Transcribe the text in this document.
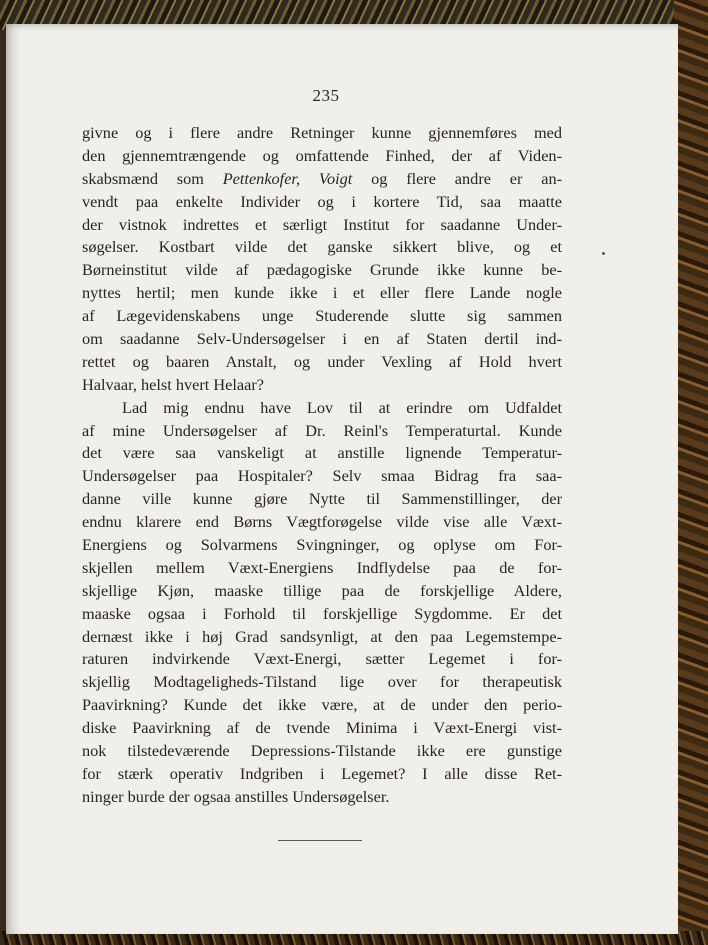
235
givne og i flere andre Retninger kunne gjennemføres med
den gjennemtrængende og omfattende Finhed, der af Viden-
skabsmænd som Pettenkofer, Voigt og flere andre er an-
vendt paa enkelte Individer og i kortere Tid, saa maatte
der vistnok indrettes et særligt Institut for saadanne Under-
søgelser. Kostbart vilde det ganske sikkert blive, og et
Børneinstitut vilde af pædagogiske Grunde ikke kunne be-
nyttes hertil; men kunde ikke i et eller flere Lande nogle
af Lægevidenskabens unge Studerende slutte sig sammen
om saadanne Selv-Undersøgelser i en af Staten dertil ind-
rettet og baaren Anstalt, og under Vexling af Hold hvert
Halvaar, helst hvert Helaar?
Lad mig endnu have Lov til at erindre om Udfaldet
af mine Undersøgelser af Dr. Reinl's Temperaturtal. Kunde
det være saa vanskeligt at anstille lignende Temperatur-
Undersøgelser paa Hospitaler? Selv smaa Bidrag fra saa-
danne ville kunne gjøre Nytte til Sammenstillinger, der
endnu klarere end Børns Vægtforøgelse vilde vise alle Væxt-
Energiens og Solvarmens Svingninger, og oplyse om For-
skjellen mellem Væxt-Energiens Indflydelse paa de for-
skjellige Kjøn, maaske tillige paa de forskjellige Aldere,
maaske ogsaa i Forhold til forskjellige Sygdomme. Er det
dernæst ikke i høj Grad sandsynligt, at den paa Legemstempe-
raturen indvirkende Væxt-Energi, sætter Legemet i for-
skjellig Modtageligheds-Tilstand lige over for therapeutisk
Paavirkning? Kunde det ikke være, at de under den perio-
diske Paavirkning af de tvende Minima i Væxt-Energi vist-
nok tilstedeværende Depressions-Tilstande ikke ere gunstige
for stærk operativ Indgriben i Legemet? I alle disse Ret-
ninger burde der ogsaa anstilles Undersøgelser.
